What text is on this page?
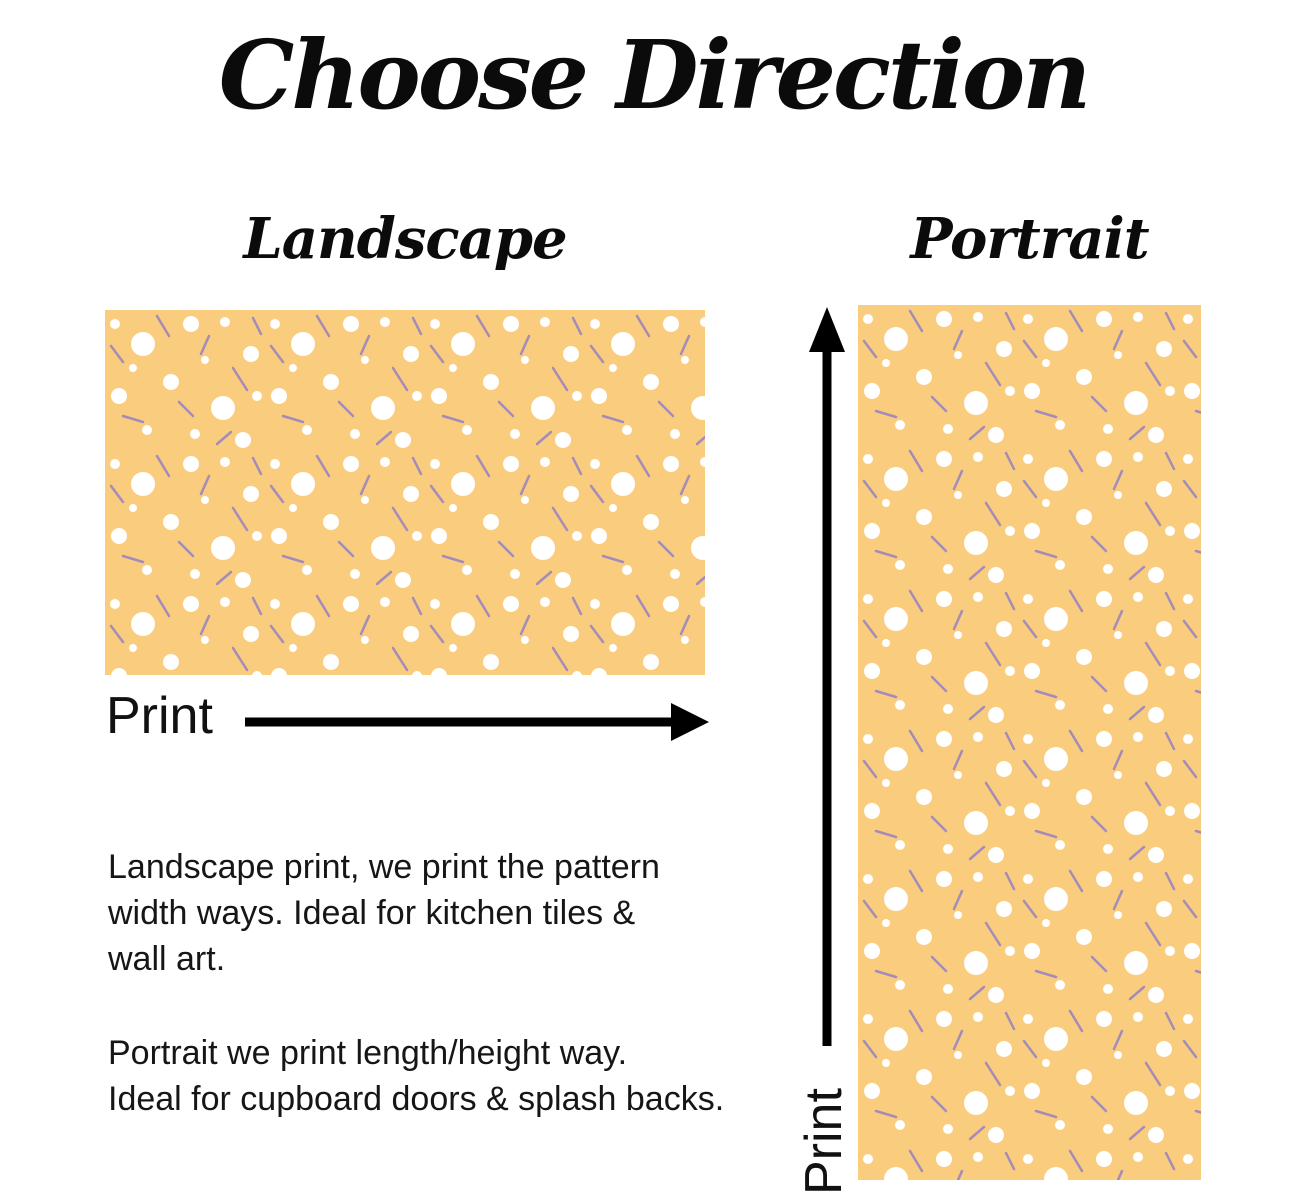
Choose Direction
Landscape	Portrait
Print
Landscape print, we print the pattern
width ways. Ideal for kitchen tiles &
wall art.
Portrait we print length/height way.
Ideal for cupboard doors & splash backs. Print
